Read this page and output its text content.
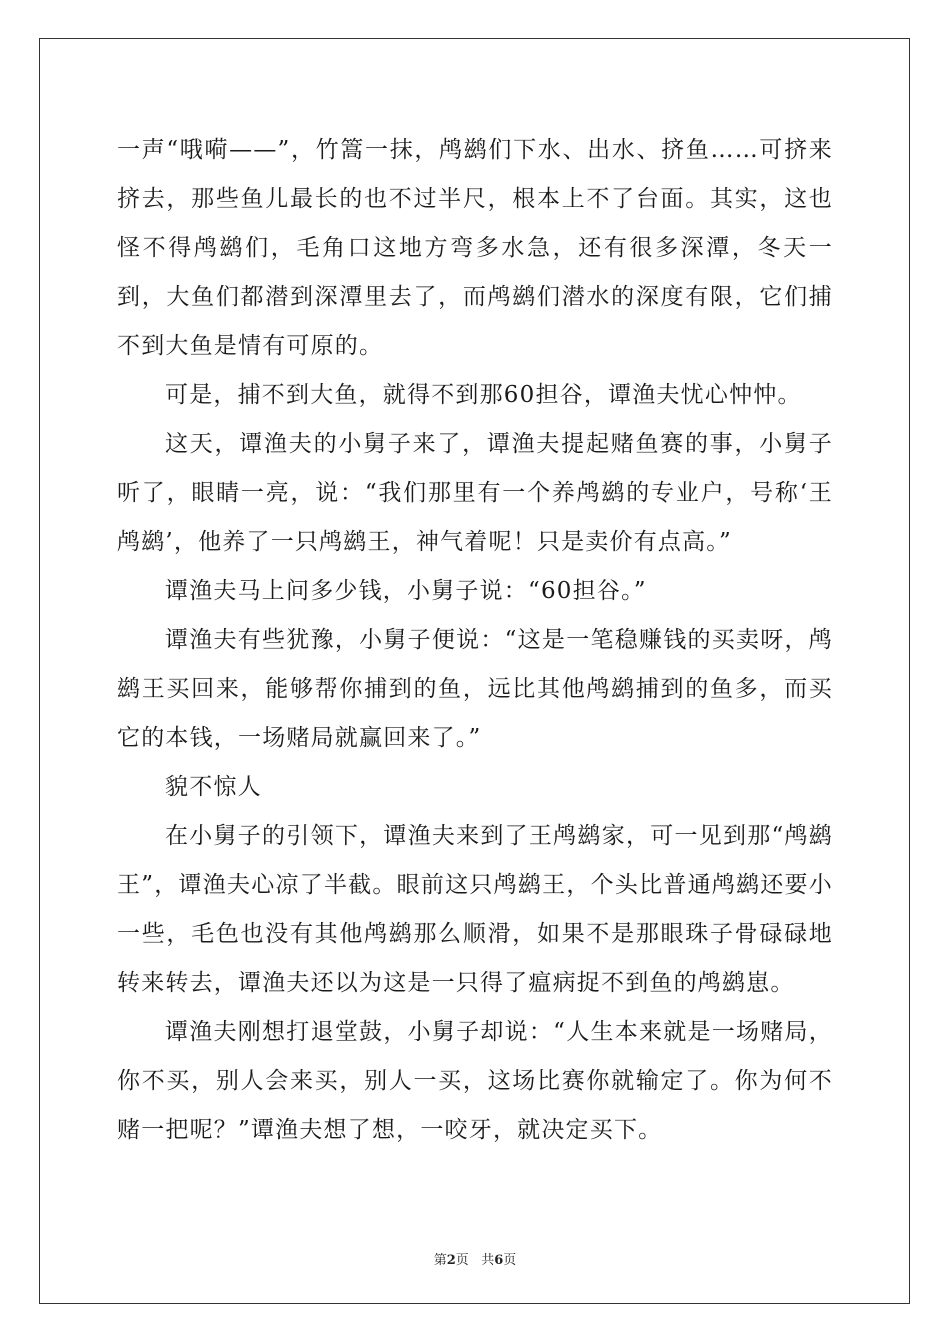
一声“哦嗬——”，竹篙一抹，鸬鹚们下水、出水、挤鱼……可挤来挤去，那些鱼儿最长的也不过半尺，根本上不了台面。其实，这也怪不得鸬鹚们，毛角口这地方弯多水急，还有很多深潭，冬天一到，大鱼们都潜到深潭里去了，而鸬鹚们潜水的深度有限，它们捕不到大鱼是情有可原的。

可是，捕不到大鱼，就得不到那60担谷，谭渔夫忧心忡忡。

这天，谭渔夫的小舅子来了，谭渔夫提起赌鱼赛的事，小舅子听了，眼睛一亮，说：“我们那里有一个养鸬鹚的专业户，号称‘王鸬鹚’，他养了一只鸬鹚王，神气着呢！只是卖价有点高。”

谭渔夫马上问多少钱，小舅子说：“60担谷。”

谭渔夫有些犹豫，小舅子便说：“这是一笔稳赚钱的买卖呀，鸬鹚王买回来，能够帮你捕到的鱼，远比其他鸬鹚捕到的鱼多，而买它的本钱，一场赌局就赢回来了。”

貌不惊人

在小舅子的引领下，谭渔夫来到了王鸬鹚家，可一见到那“鸬鹚王”，谭渔夫心凉了半截。眼前这只鸬鹚王，个头比普通鸬鹚还要小一些，毛色也没有其他鸬鹚那么顺滑，如果不是那眼珠子骨碌碌地转来转去，谭渔夫还以为这是一只得了瘟病捉不到鱼的鸬鹚崽。

谭渔夫刚想打退堂鼓，小舅子却说：“人生本来就是一场赌局，你不买，别人会来买，别人一买，这场比赛你就输定了。你为何不赌一把呢？”谭渔夫想了想，一咬牙，就决定买下。

第2页 共6页
